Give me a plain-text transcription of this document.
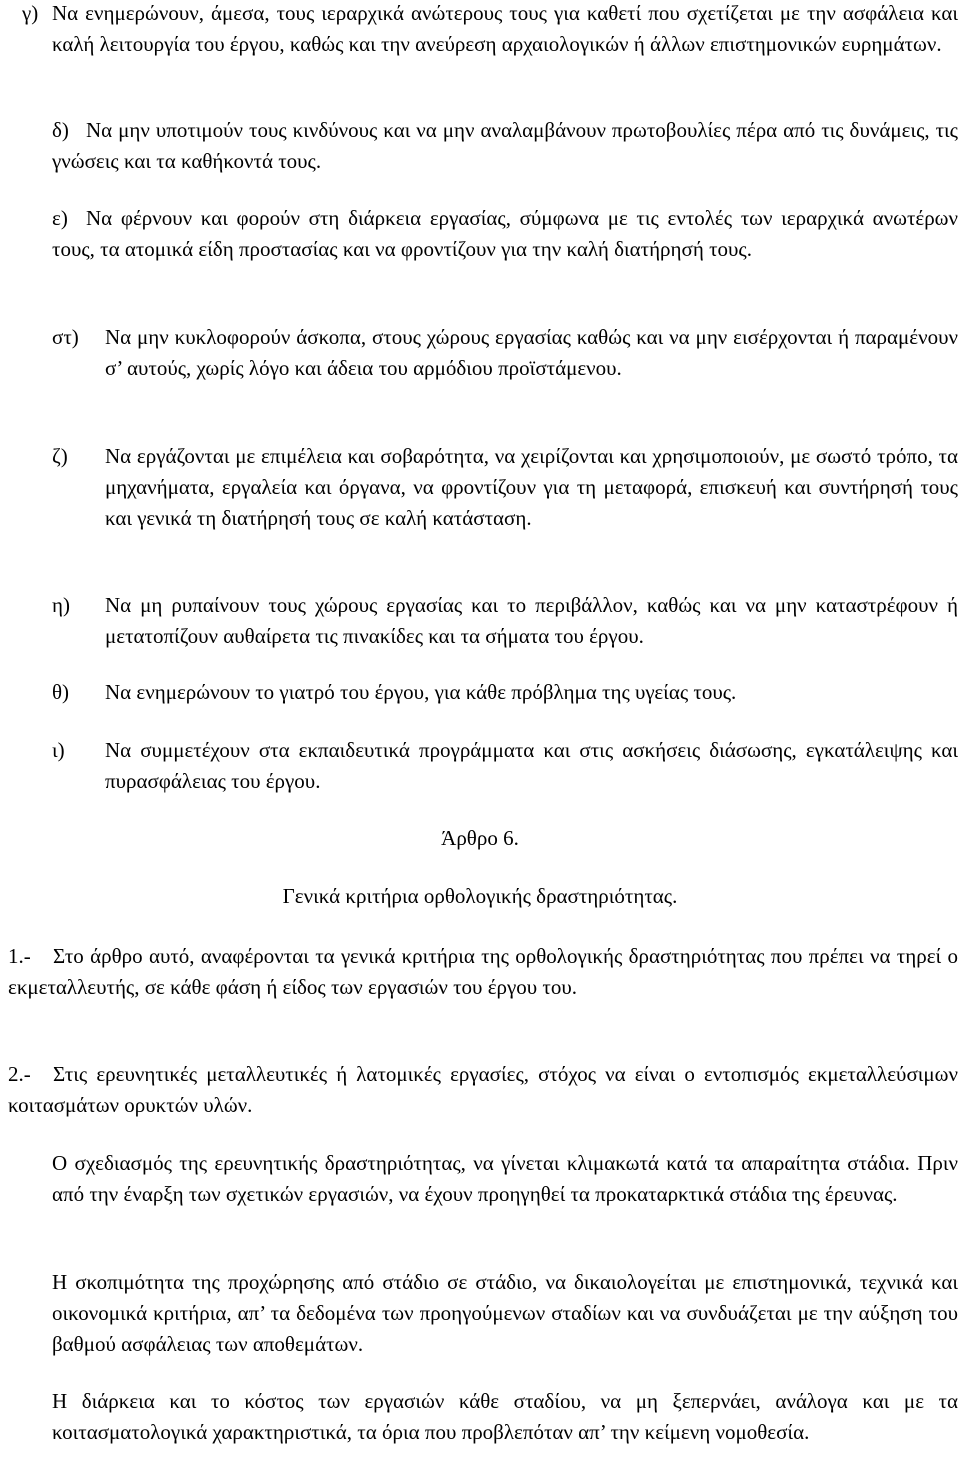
γ) Να ενημερώνουν, άμεσα, τους ιεραρχικά ανώτερους τους για καθετί που σχετίζεται με την ασφάλεια και καλή λειτουργία του έργου, καθώς και την ανεύρεση αρχαιολογικών ή άλλων επιστημονικών ευρημάτων.
δ) Να μην υποτιμούν τους κινδύνους και να μην αναλαμβάνουν πρωτοβουλίες πέρα από τις δυνάμεις, τις γνώσεις και τα καθήκοντά τους.
ε) Να φέρνουν και φορούν στη διάρκεια εργασίας, σύμφωνα με τις εντολές των ιεραρχικά ανωτέρων τους, τα ατομικά είδη προστασίας και να φροντίζουν για την καλή διατήρησή τους.
στ) Να μην κυκλοφορούν άσκοπα, στους χώρους εργασίας καθώς και να μην εισέρχονται ή παραμένουν σ’ αυτούς, χωρίς λόγο και άδεια του αρμόδιου προϊστάμενου.
ζ) Να εργάζονται με επιμέλεια και σοβαρότητα, να χειρίζονται και χρησιμοποιούν, με σωστό τρόπο, τα μηχανήματα, εργαλεία και όργανα, να φροντίζουν για τη μεταφορά, επισκευή και συντήρησή τους και γενικά τη διατήρησή τους σε καλή κατάσταση.
η) Να μη ρυπαίνουν τους χώρους εργασίας και το περιβάλλον, καθώς και να μην καταστρέφουν ή μετατοπίζουν αυθαίρετα τις πινακίδες και τα σήματα του έργου.
θ) Να ενημερώνουν το γιατρό του έργου, για κάθε πρόβλημα της υγείας τους.
ι) Να συμμετέχουν στα εκπαιδευτικά προγράμματα και στις ασκήσεις διάσωσης, εγκατάλειψης και πυρασφάλειας του έργου.
Άρθρο 6.
Γενικά κριτήρια ορθολογικής δραστηριότητας.
1.-	Στο άρθρο αυτό, αναφέρονται τα γενικά κριτήρια της ορθολογικής δραστηριότητας που πρέπει να τηρεί ο εκμεταλλευτής, σε κάθε φάση ή είδος των εργασιών του έργου του.
2.-	Στις ερευνητικές μεταλλευτικές ή λατομικές εργασίες, στόχος να είναι ο εντοπισμός εκμεταλλεύσιμων κοιτασμάτων ορυκτών υλών.
Ο σχεδιασμός της ερευνητικής δραστηριότητας, να γίνεται κλιμακωτά κατά τα απαραίτητα στάδια. Πριν από την έναρξη των σχετικών εργασιών, να έχουν προηγηθεί τα προκαταρκτικά στάδια της έρευνας.
Η σκοπιμότητα της προχώρησης από στάδιο σε στάδιο, να δικαιολογείται με επιστημονικά, τεχνικά και οικονομικά κριτήρια, απ’ τα δεδομένα των προηγούμενων σταδίων και να συνδυάζεται με την αύξηση του βαθμού ασφάλειας των αποθεμάτων.
Η διάρκεια και το κόστος των εργασιών κάθε σταδίου, να μη ξεπερνάει, ανάλογα και με τα κοιτασματολογικά χαρακτηριστικά, τα όρια που προβλεπόταν απ’ την κείμενη νομοθεσία.
